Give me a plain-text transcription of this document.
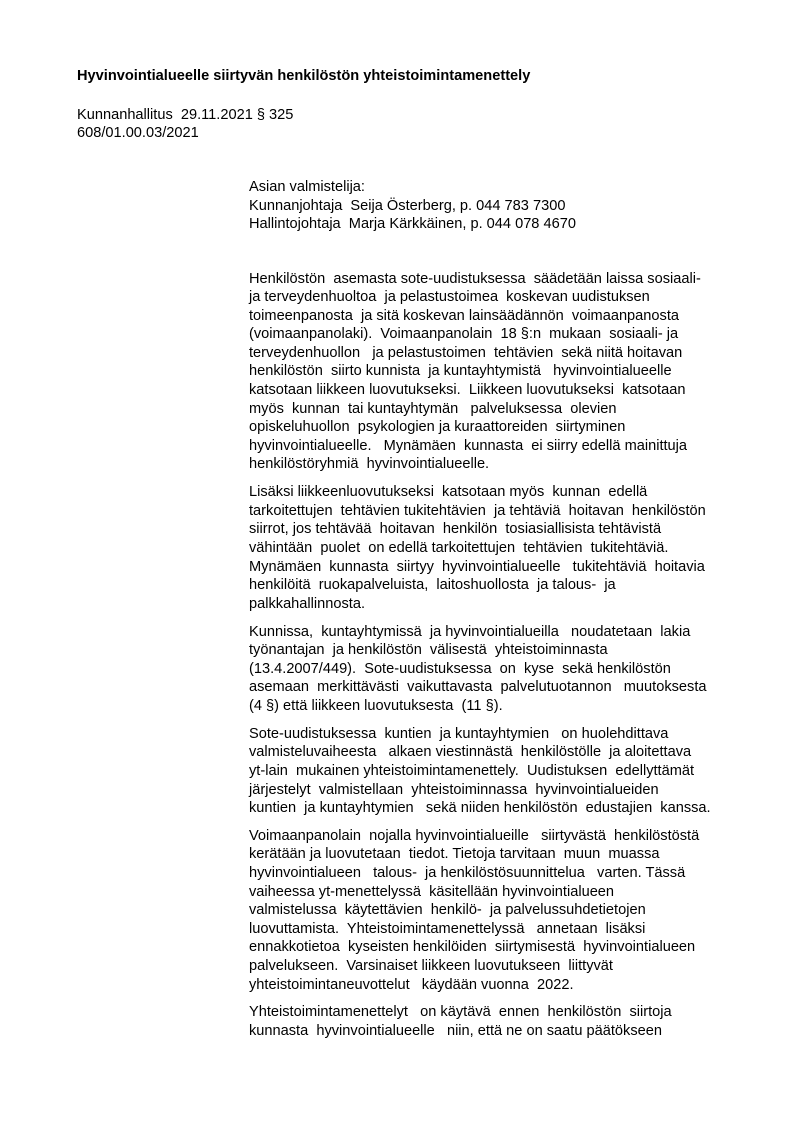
Hyvinvointialueelle siirtyvän henkilöstön yhteistoimintamenettely
Kunnanhallitus  29.11.2021 § 325
608/01.00.03/2021
Asian valmistelija:
Kunnanjohtaja  Seija Österberg, p. 044 783 7300
Hallintojohtaja  Marja Kärkkäinen, p. 044 078 4670
Henkilöstön  asemasta sote-uudistuksessa  säädetään laissa sosiaali-
ja terveydenhuoltoa  ja pelastustoimea  koskevan uudistuksen
toimeenpanosta  ja sitä koskevan lainsäädännön  voimaanpanosta
(voimaanpanolaki).  Voimaanpanolain  18 §:n  mukaan  sosiaali- ja
terveydenhuollon   ja pelastustoimen  tehtävien  sekä niitä hoitavan
henkilöstön  siirto kunnista  ja kuntayhtymistä   hyvinvointialueelle
katsotaan liikkeen luovutukseksi.  Liikkeen luovutukseksi  katsotaan
myös  kunnan  tai kuntayhtymän   palveluksessa  olevien
opiskeluhuollon  psykologien ja kuraattoreiden  siirtyminen
hyvinvointialueelle.   Mynämäen  kunnasta  ei siirry edellä mainittuja
henkilöstöryhmiä  hyvinvointialueelle.
Lisäksi liikkeenluovutukseksi  katsotaan myös  kunnan  edellä
tarkoitettujen  tehtävien tukitehtävien  ja tehtäviä  hoitavan  henkilöstön
siirrot, jos tehtävää  hoitavan  henkilön  tosiasiallisista tehtävistä
vähintään  puolet  on edellä tarkoitettujen  tehtävien  tukitehtäviä.
Mynämäen  kunnasta  siirtyy  hyvinvointialueelle   tukitehtäviä  hoitavia
henkilöitä  ruokapalveluista,  laitoshuollosta  ja talous-  ja
palkkahallinnosta.
Kunnissa,  kuntayhtymissä  ja hyvinvointialueilla   noudatetaan  lakia
työnantajan  ja henkilöstön  välisestä  yhteistoiminnasta
(13.4.2007/449).  Sote-uudistuksessa  on  kyse  sekä henkilöstön
asemaan  merkittävästi  vaikuttavasta  palvelutuotannon   muutoksesta
(4 §) että liikkeen luovutuksesta  (11 §).
Sote-uudistuksessa  kuntien  ja kuntayhtymien   on huolehdittava
valmisteluvaiheesta   alkaen viestinnästä  henkilöstölle  ja aloitettava
yt-lain  mukainen yhteistoimintamenettely.  Uudistuksen  edellyttämät
järjestelyt  valmistellaan  yhteistoiminnassa  hyvinvointialueiden
kuntien  ja kuntayhtymien   sekä niiden henkilöstön  edustajien  kanssa.
Voimaanpanolain  nojalla hyvinvointialueille   siirtyvästä  henkilöstöstä
kerätään ja luovutetaan  tiedot. Tietoja tarvitaan  muun  muassa
hyvinvointialueen   talous-  ja henkilöstösuunnittelua   varten. Tässä
vaiheessa yt-menettelyssä  käsitellään hyvinvointialueen
valmistelussa  käytettävien  henkilö-  ja palvelussuhdetietojen
luovuttamista.  Yhteistoimintamenettelyssä   annetaan  lisäksi
ennakkotietoa  kyseisten henkilöiden  siirtymisestä  hyvinvointialueen
palvelukseen.  Varsinaiset liikkeen luovutukseen  liittyvät
yhteistoimintaneuvottelut   käydään vuonna  2022.
Yhteistoimintamenettelyt   on käytävä  ennen  henkilöstön  siirtoja
kunnasta  hyvinvointialueelle   niin, että ne on saatu päätökseen
